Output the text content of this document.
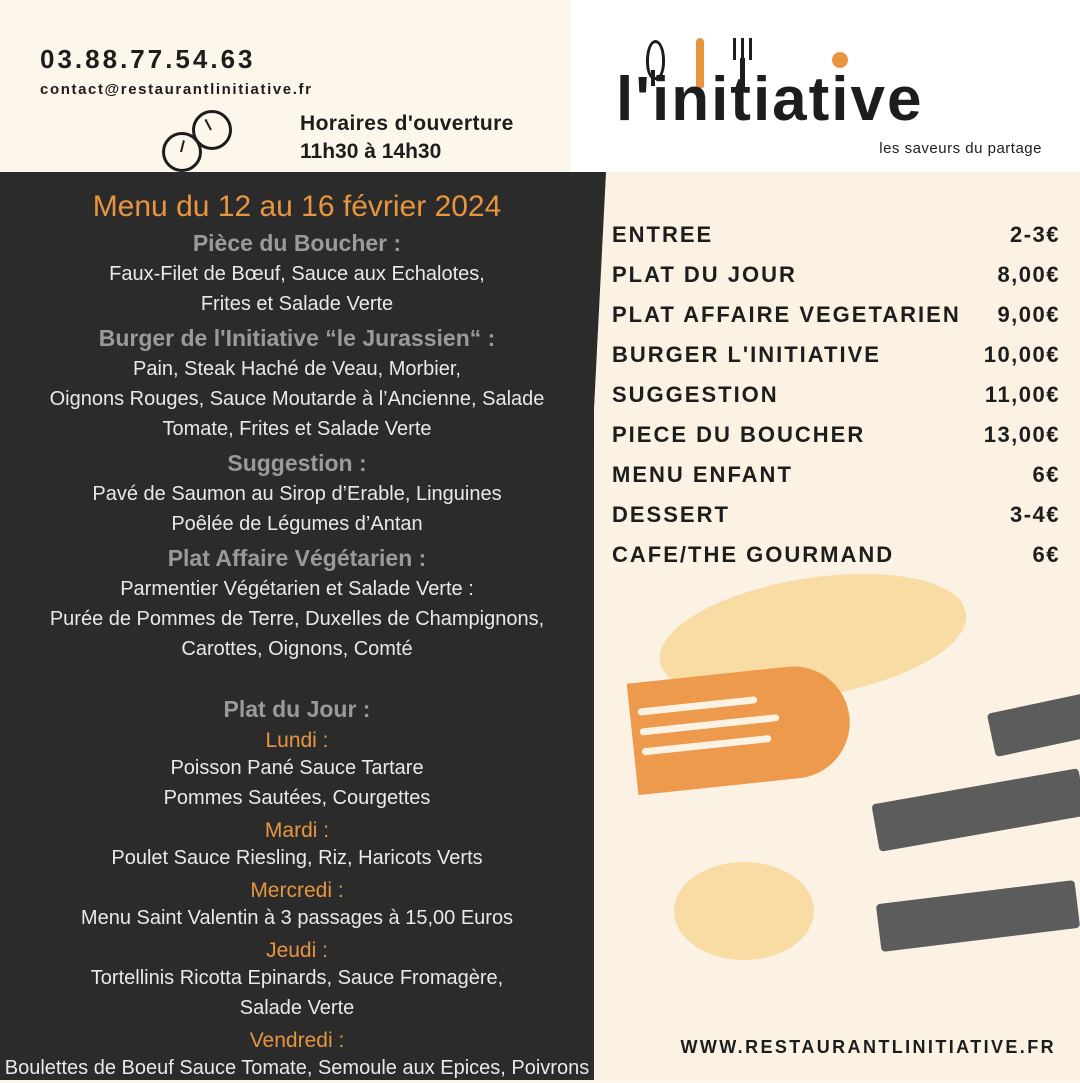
03.88.77.54.63
contact@restaurantlinitiative.fr
Horaires d'ouverture
11h30 à 14h30
l'initiative
les saveurs du partage
Menu du 12 au 16 février 2024
Pièce du Boucher :
Faux-Filet de Bœuf, Sauce aux Echalotes,
Frites et Salade Verte
Burger de l'Initiative “le Jurassien“ :
Pain, Steak Haché de Veau, Morbier,
Oignons Rouges, Sauce Moutarde à l’Ancienne, Salade
Tomate, Frites et Salade Verte
Suggestion :
Pavé de Saumon au Sirop d’Erable, Linguines
Poêlée de Légumes d’Antan
Plat Affaire Végétarien :
Parmentier Végétarien et Salade Verte :
Purée de Pommes de Terre, Duxelles de Champignons,
Carottes, Oignons, Comté
Plat du Jour :
Lundi :
Poisson Pané Sauce Tartare
Pommes Sautées, Courgettes
Mardi :
Poulet Sauce Riesling, Riz, Haricots Verts
Mercredi :
Menu Saint Valentin à 3 passages à 15,00 Euros
Jeudi :
Tortellinis Ricotta Epinards, Sauce Fromagère,
Salade Verte
Vendredi :
Boulettes de Boeuf Sauce Tomate, Semoule aux Epices, Poivrons
ENTREE	2-3€
PLAT DU JOUR	8,00€
PLAT AFFAIRE VEGETARIEN 9,00€
BURGER L'INITIATIVE	10,00€
SUGGESTION	11,00€
PIECE DU BOUCHER	13,00€
MENU ENFANT	6€
DESSERT	3-4€
CAFE/THE GOURMAND	6€
WWW.RESTAURANTLINITIATIVE.FR
